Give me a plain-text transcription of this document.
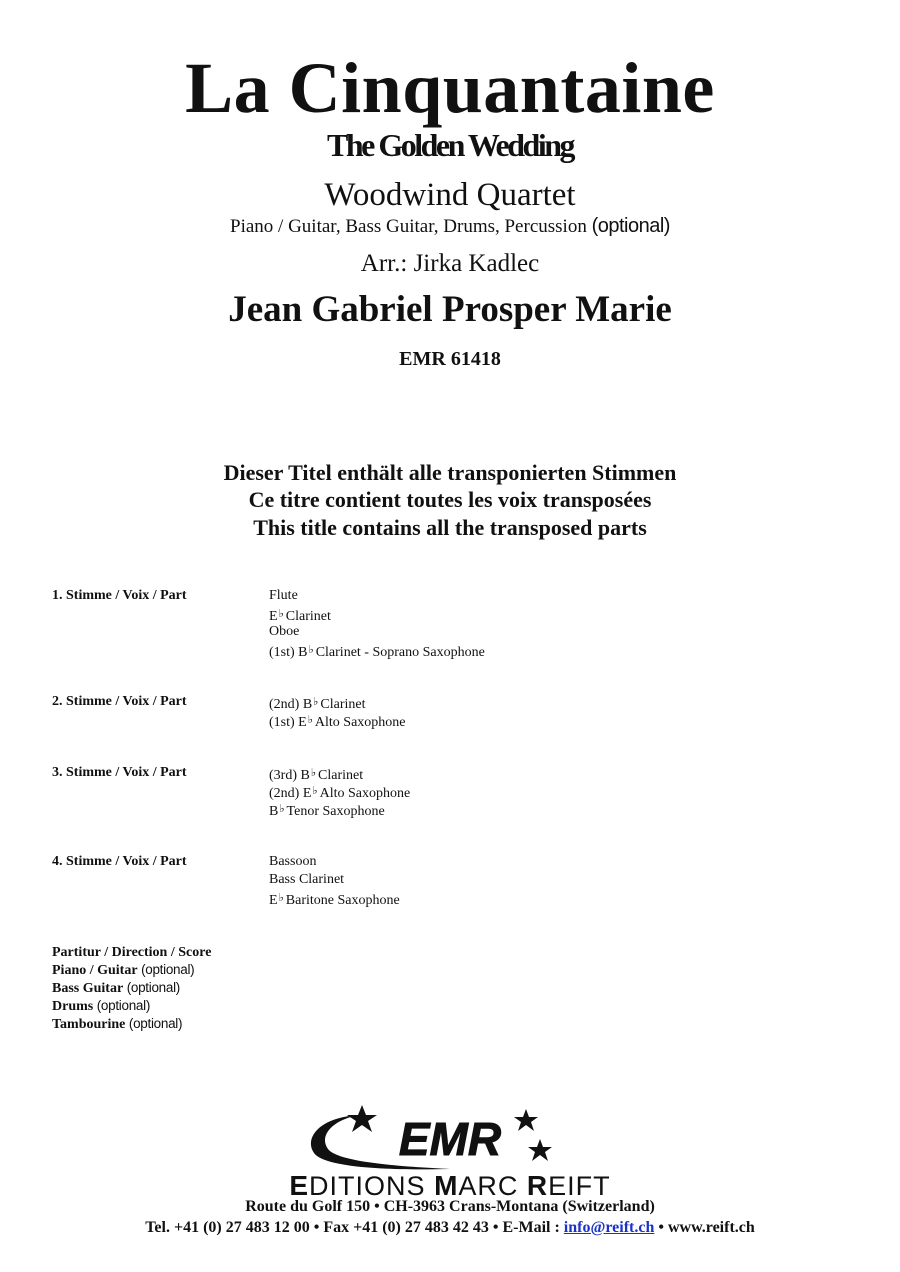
La Cinquantaine
The Golden Wedding
Woodwind Quartet
Piano / Guitar, Bass Guitar, Drums, Percussion (optional)
Arr.: Jirka Kadlec
Jean Gabriel Prosper Marie
EMR 61418
Dieser Titel enthält alle transponierten Stimmen
Ce titre contient toutes les voix transposées
This title contains all the transposed parts
1. Stimme / Voix / Part	Flute
E♭ Clarinet
Oboe
(1st) B♭ Clarinet - Soprano Saxophone
2. Stimme / Voix / Part	(2nd) B♭ Clarinet
(1st) E♭ Alto Saxophone
3. Stimme / Voix / Part	(3rd) B♭ Clarinet
(2nd) E♭ Alto Saxophone
B♭ Tenor Saxophone
4. Stimme / Voix / Part	Bassoon
Bass Clarinet
E♭ Baritone Saxophone
Partitur / Direction / Score
Piano / Guitar (optional)
Bass Guitar (optional)
Drums (optional)
Tambourine (optional)
EMR
EDITIONS MARC REIFT
Route du Golf 150 • CH-3963 Crans-Montana (Switzerland)
Tel. +41 (0) 27 483 12 00 • Fax +41 (0) 27 483 42 43 • E-Mail : info@reift.ch • www.reift.ch
